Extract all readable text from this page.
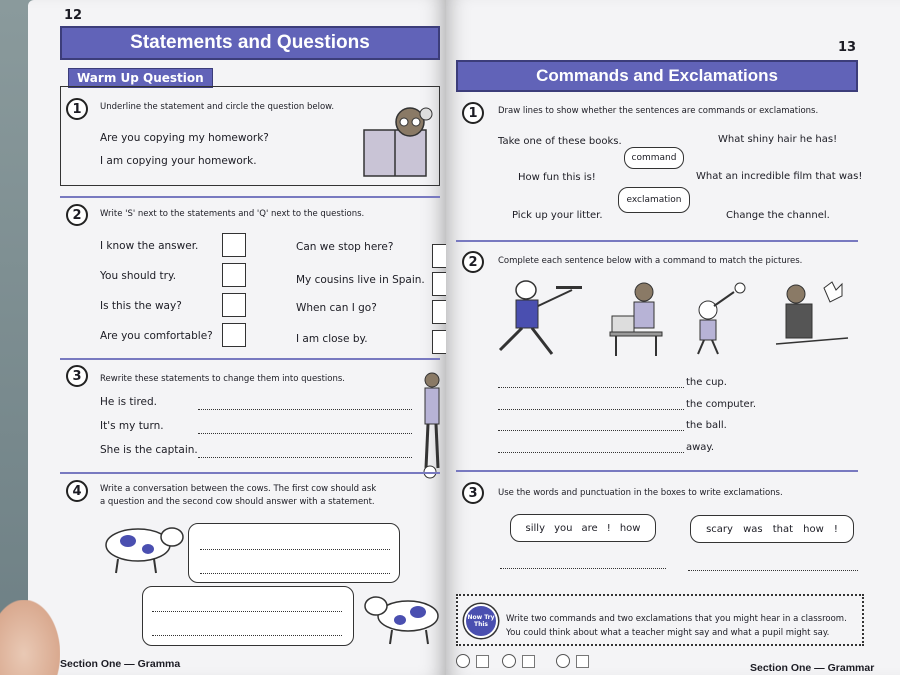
12
Statements and Questions
Warm Up Question
1	Underline the statement and circle the question below.
Are you copying my homework?
I am copying your homework.
2	Write 'S' next to the statements and 'Q' next to the questions.
I know the answer.
You should try.
Is this the way?
Are you comfortable?
Can we stop here?
My cousins live in Spain.
When can I go?
I am close by.
3	Rewrite these statements to change them into questions.
He is tired.
It's my turn.
She is the captain.
4	Write a conversation between the cows. The first cow should ask
a question and the second cow should answer with a statement.
Section One — Gramma
13
Commands and Exclamations
1	Draw lines to show whether the sentences are commands or exclamations.
Take one of these books.
How fun this is!
Pick up your litter.
What shiny hair he has!
What an incredible film that was!
Change the channel.
command
exclamation
2	Complete each sentence below with a command to match the pictures.
the cup.
the computer.
the ball.
away.
3	Use the words and punctuation in the boxes to write exclamations.
silly you are ! how	scary was that how !
Now Try This
Write two commands and two exclamations that you might hear in a classroom.
You could think about what a teacher might say and what a pupil might say.
Section One — Grammar
